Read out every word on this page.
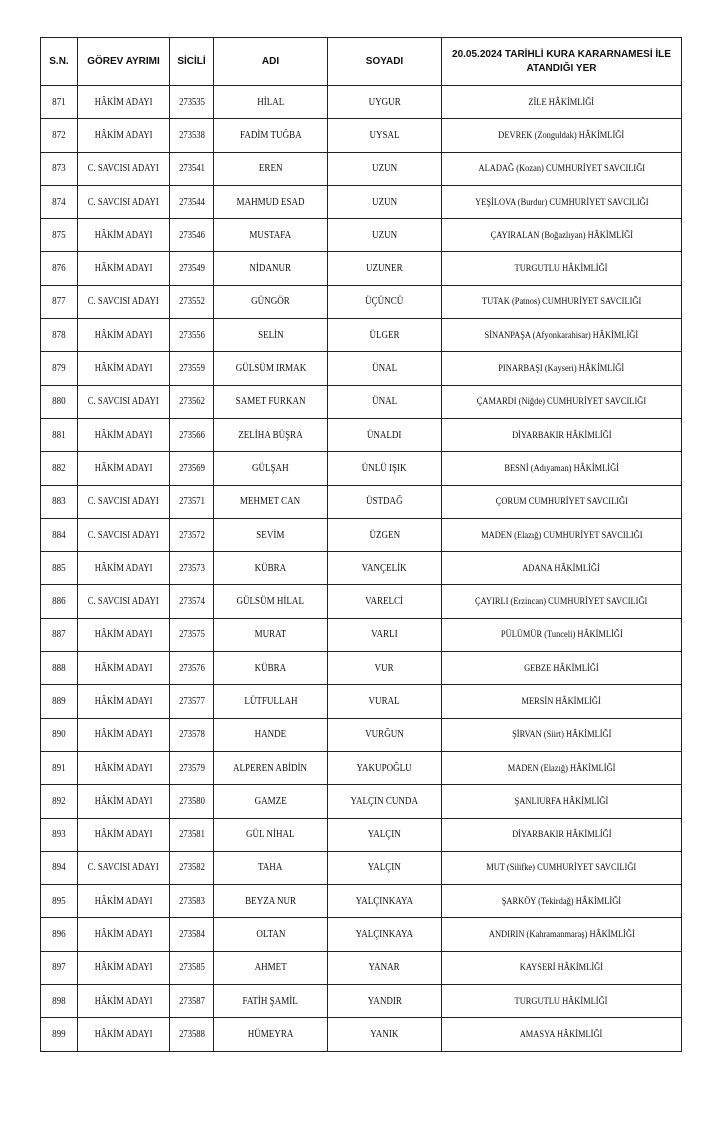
S.N.	GÖREV AYRIMI	SİCİLİ	ADI	SOYADI	20.05.2024 TARİHLİ KURA KARARNAMESİ İLE ATANDIĞI YER
871	HÂKİM ADAYI	273535	HİLAL	UYGUR	ZİLE HÂKİMLİĞİ
872	HÂKİM ADAYI	273538	FADİM TUĞBA	UYSAL	DEVREK (Zonguldak) HÂKİMLİĞİ
873	C. SAVCISI ADAYI	273541	EREN	UZUN	ALADAĞ (Kozan) CUMHURİYET SAVCILIĞI
874	C. SAVCISI ADAYI	273544	MAHMUD ESAD	UZUN	YEŞİLOVA (Burdur) CUMHURİYET SAVCILIĞI
875	HÂKİM ADAYI	273546	MUSTAFA	UZUN	ÇAYIRALAN (Boğazlıyan) HÂKİMLİĞİ
876	HÂKİM ADAYI	273549	NİDANUR	UZUNER	TURGUTLU HÂKİMLİĞİ
877	C. SAVCISI ADAYI	273552	GÜNGÖR	ÜÇÜNCÜ	TUTAK (Patnos) CUMHURİYET SAVCILIĞI
878	HÂKİM ADAYI	273556	SELİN	ÜLGER	SİNANPAŞA (Afyonkarahisar) HÂKİMLİĞİ
879	HÂKİM ADAYI	273559	GÜLSÜM IRMAK	ÜNAL	PINARBAŞI (Kayseri) HÂKİMLİĞİ
880	C. SAVCISI ADAYI	273562	SAMET FURKAN	ÜNAL	ÇAMARDI (Niğde) CUMHURİYET SAVCILIĞI
881	HÂKİM ADAYI	273566	ZELİHA BÜŞRA	ÜNALDI	DİYARBAKIR HÂKİMLİĞİ
882	HÂKİM ADAYI	273569	GÜLŞAH	ÜNLÜ IŞIK	BESNİ (Adıyaman) HÂKİMLİĞİ
883	C. SAVCISI ADAYI	273571	MEHMET CAN	ÜSTDAĞ	ÇORUM CUMHURİYET SAVCILIĞI
884	C. SAVCISI ADAYI	273572	SEVİM	ÜZGEN	MADEN (Elazığ) CUMHURİYET SAVCILIĞI
885	HÂKİM ADAYI	273573	KÜBRA	VANÇELİK	ADANA HÂKİMLİĞİ
886	C. SAVCISI ADAYI	273574	GÜLSÜM HİLAL	VARELCİ	ÇAYIRLI (Erzincan) CUMHURİYET SAVCILIĞI
887	HÂKİM ADAYI	273575	MURAT	VARLI	PÜLÜMÜR (Tunceli) HÂKİMLİĞİ
888	HÂKİM ADAYI	273576	KÜBRA	VUR	GEBZE HÂKİMLİĞİ
889	HÂKİM ADAYI	273577	LÜTFULLAH	VURAL	MERSİN HÂKİMLİĞİ
890	HÂKİM ADAYI	273578	HANDE	VURĞUN	ŞİRVAN (Siirt) HÂKİMLİĞİ
891	HÂKİM ADAYI	273579	ALPEREN ABİDİN	YAKUPOĞLU	MADEN (Elazığ) HÂKİMLİĞİ
892	HÂKİM ADAYI	273580	GAMZE	YALÇIN CUNDA	ŞANLIURFA HÂKİMLİĞİ
893	HÂKİM ADAYI	273581	GÜL NİHAL	YALÇIN	DİYARBAKIR HÂKİMLİĞİ
894	C. SAVCISI ADAYI	273582	TAHA	YALÇIN	MUT (Silifke) CUMHURİYET SAVCILIĞI
895	HÂKİM ADAYI	273583	BEYZA NUR	YALÇINKAYA	ŞARKÖY (Tekirdağ) HÂKİMLİĞİ
896	HÂKİM ADAYI	273584	OLTAN	YALÇINKAYA	ANDIRIN (Kahramanmaraş) HÂKİMLİĞİ
897	HÂKİM ADAYI	273585	AHMET	YANAR	KAYSERİ HÂKİMLİĞİ
898	HÂKİM ADAYI	273587	FATİH ŞAMİL	YANDIR	TURGUTLU HÂKİMLİĞİ
899	HÂKİM ADAYI	273588	HÜMEYRA	YANIK	AMASYA HÂKİMLİĞİ
